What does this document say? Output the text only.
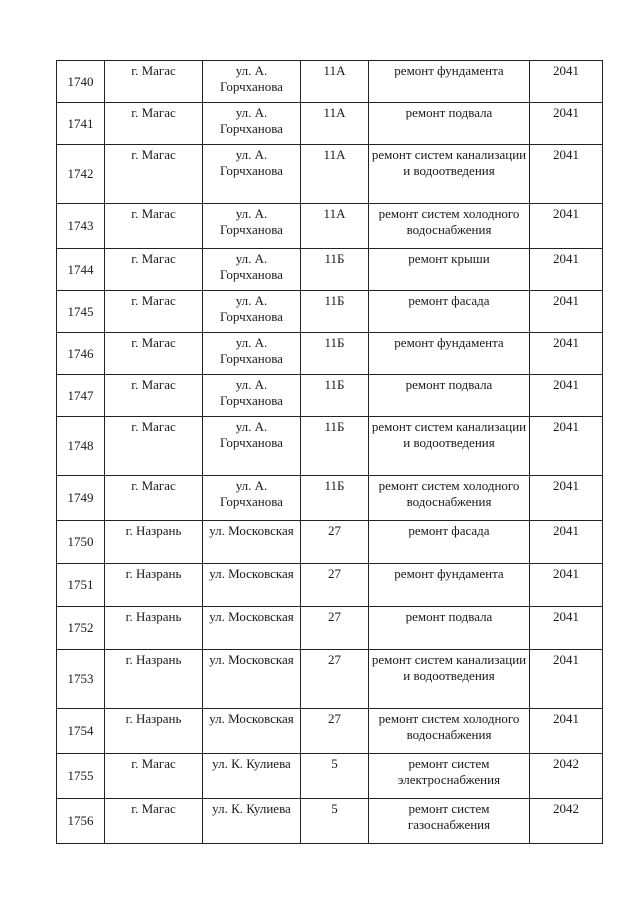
1740	г. Магас	ул. А. Горчханова	11А	ремонт фундамента	2041
1741	г. Магас	ул. А. Горчханова	11А	ремонт подвала	2041
1742	г. Магас	ул. А. Горчханова	11А	ремонт систем канализации и водоотведения	2041
1743	г. Магас	ул. А. Горчханова	11А	ремонт систем холодного водоснабжения	2041
1744	г. Магас	ул. А. Горчханова	11Б	ремонт крыши	2041
1745	г. Магас	ул. А. Горчханова	11Б	ремонт фасада	2041
1746	г. Магас	ул. А. Горчханова	11Б	ремонт фундамента	2041
1747	г. Магас	ул. А. Горчханова	11Б	ремонт подвала	2041
1748	г. Магас	ул. А. Горчханова	11Б	ремонт систем канализации и водоотведения	2041
1749	г. Магас	ул. А. Горчханова	11Б	ремонт систем холодного водоснабжения	2041
1750	г. Назрань	ул. Московская	27	ремонт фасада	2041
1751	г. Назрань	ул. Московская	27	ремонт фундамента	2041
1752	г. Назрань	ул. Московская	27	ремонт подвала	2041
1753	г. Назрань	ул. Московская	27	ремонт систем канализации и водоотведения	2041
1754	г. Назрань	ул. Московская	27	ремонт систем холодного водоснабжения	2041
1755	г. Магас	ул. К. Кулиева	5	ремонт систем электроснабжения	2042
1756	г. Магас	ул. К. Кулиева	5	ремонт систем газоснабжения	2042
